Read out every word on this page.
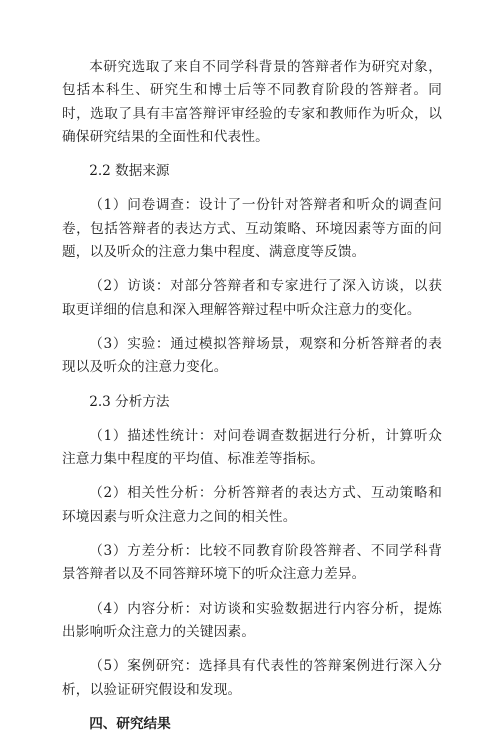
本研究选取了来自不同学科背景的答辩者作为研究对象，包括本科生、研究生和博士后等不同教育阶段的答辩者。同时，选取了具有丰富答辩评审经验的专家和教师作为听众，以确保研究结果的全面性和代表性。

2.2 数据来源

（1）问卷调查：设计了一份针对答辩者和听众的调查问卷，包括答辩者的表达方式、互动策略、环境因素等方面的问题，以及听众的注意力集中程度、满意度等反馈。

（2）访谈：对部分答辩者和专家进行了深入访谈，以获取更详细的信息和深入理解答辩过程中听众注意力的变化。

（3）实验：通过模拟答辩场景，观察和分析答辩者的表现以及听众的注意力变化。

2.3 分析方法

（1）描述性统计：对问卷调查数据进行分析，计算听众注意力集中程度的平均值、标准差等指标。

（2）相关性分析：分析答辩者的表达方式、互动策略和环境因素与听众注意力之间的相关性。

（3）方差分析：比较不同教育阶段答辩者、不同学科背景答辩者以及不同答辩环境下的听众注意力差异。

（4）内容分析：对访谈和实验数据进行内容分析，提炼出影响听众注意力的关键因素。

（5）案例研究：选择具有代表性的答辩案例进行深入分析，以验证研究假设和发现。

四、研究结果
